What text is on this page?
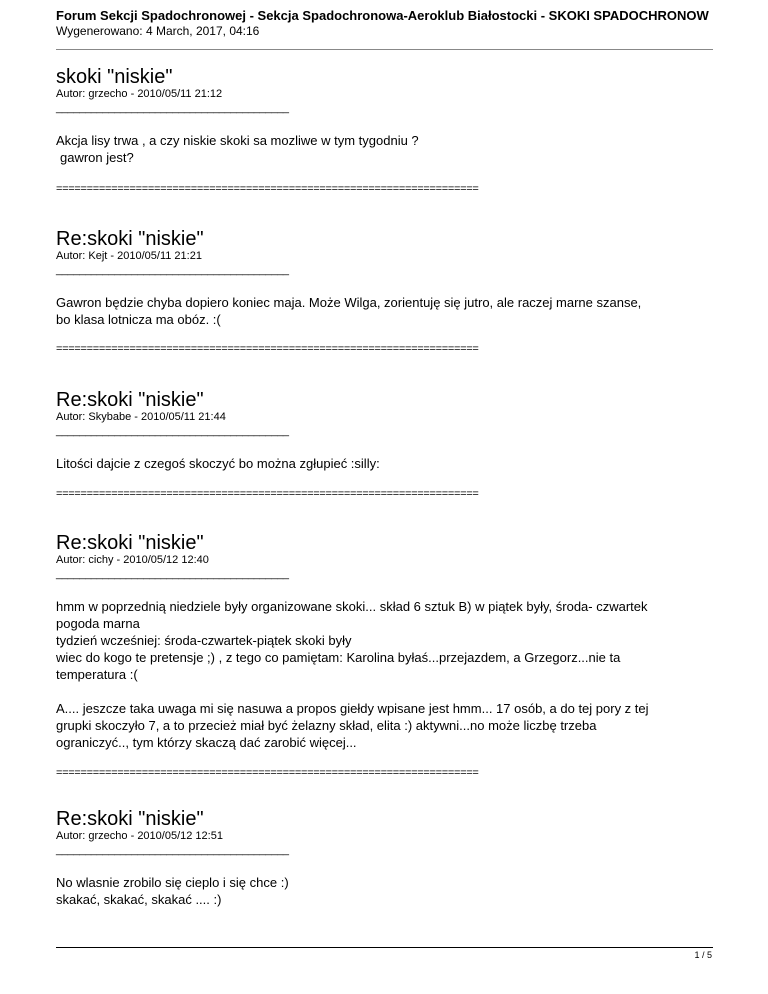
Forum Sekcji Spadochronowej - Sekcja Spadochronowa-Aeroklub Białostocki - SKOKI SPADOCHRONOW
Wygenerowano: 4 March, 2017, 04:16
skoki "niskie"
Autor: grzecho - 2010/05/11 21:12
________________________________________
Akcja lisy trwa , a czy niskie skoki sa mozliwe w tym tygodniu ?
gawron jest?
=====================================================================
Re:skoki "niskie"
Autor: Kejt - 2010/05/11 21:21
________________________________________
Gawron będzie chyba dopiero koniec maja. Może Wilga, zorientuję się jutro, ale raczej marne szanse,
bo klasa lotnicza ma obóz. :(
=====================================================================
Re:skoki "niskie"
Autor: Skybabe - 2010/05/11 21:44
________________________________________
Litości dajcie z czegoś skoczyć bo można zgłupieć :silly:
=====================================================================
Re:skoki "niskie"
Autor: cichy - 2010/05/12 12:40
________________________________________

hmm w poprzednią niedziele były organizowane skoki... skład 6 sztuk B) w piątek były, środa- czwartek
pogoda marna
tydzień wcześniej: środa-czwartek-piątek skoki były
wiec do kogo te pretensje ;) , z tego co pamiętam: Karolina byłaś...przejazdem, a Grzegorz...nie ta
temperatura :(

A.... jeszcze taka uwaga mi się nasuwa a propos giełdy wpisane jest hmm... 17 osób, a do tej pory z tej
grupki skoczyło 7, a to przecież miał być żelazny skład, elita :) aktywni...no może liczbę trzeba
ograniczyć.., tym którzy skaczą dać zarobić więcej...

=====================================================================
Re:skoki "niskie"
Autor: grzecho - 2010/05/12 12:51
________________________________________
No wlasnie zrobilo się cieplo i się chce :)
skakać, skakać, skakać .... :)
1 / 5
